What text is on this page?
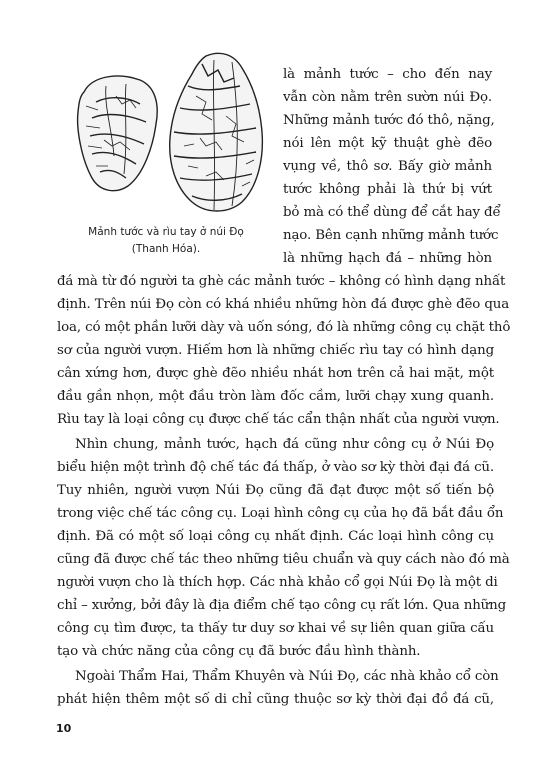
Mảnh tước và rìu tay ở núi Đọ
(Thanh Hóa).
là mảnh tước – cho đến nay
vẫn còn nằm trên sườn núi Đọ.
Những mảnh tước đó thô, nặng,
nói lên một kỹ thuật ghè đẽo
vụng về, thô sơ. Bấy giờ mảnh
tước không phải là thứ bị vứt
bỏ mà có thể dùng để cắt hay để
nạo. Bên cạnh những mảnh tước
là những hạch đá – những hòn
đá mà từ đó người ta ghè các mảnh tước – không có hình dạng nhất
định. Trên núi Đọ còn có khá nhiều những hòn đá được ghè đẽo qua
loa, có một phần lưỡi dày và uốn sóng, đó là những công cụ chặt thô
sơ của người vượn. Hiếm hơn là những chiếc rìu tay có hình dạng
cân xứng hơn, được ghè đẽo nhiều nhát hơn trên cả hai mặt, một
đầu gần nhọn, một đầu tròn làm đốc cầm, lưỡi chạy xung quanh.
Rìu tay là loại công cụ được chế tác cẩn thận nhất của người vượn.
Nhìn chung, mảnh tước, hạch đá cũng như công cụ ở Núi Đọ
biểu hiện một trình độ chế tác đá thấp, ở vào sơ kỳ thời đại đá cũ.
Tuy nhiên, người vượn Núi Đọ cũng đã đạt được một số tiến bộ
trong việc chế tác công cụ. Loại hình công cụ của họ đã bắt đầu ổn
định. Đã có một số loại công cụ nhất định. Các loại hình công cụ
cũng đã được chế tác theo những tiêu chuẩn và quy cách nào đó mà
người vượn cho là thích hợp. Các nhà khảo cổ gọi Núi Đọ là một di
chỉ – xưởng, bởi đây là địa điểm chế tạo công cụ rất lớn. Qua những
công cụ tìm được, ta thấy tư duy sơ khai về sự liên quan giữa cấu
tạo và chức năng của công cụ đã bước đầu hình thành.
Ngoài Thẩm Hai, Thẩm Khuyên và Núi Đọ, các nhà khảo cổ còn
phát hiện thêm một số di chỉ cũng thuộc sơ kỳ thời đại đồ đá cũ,
10
